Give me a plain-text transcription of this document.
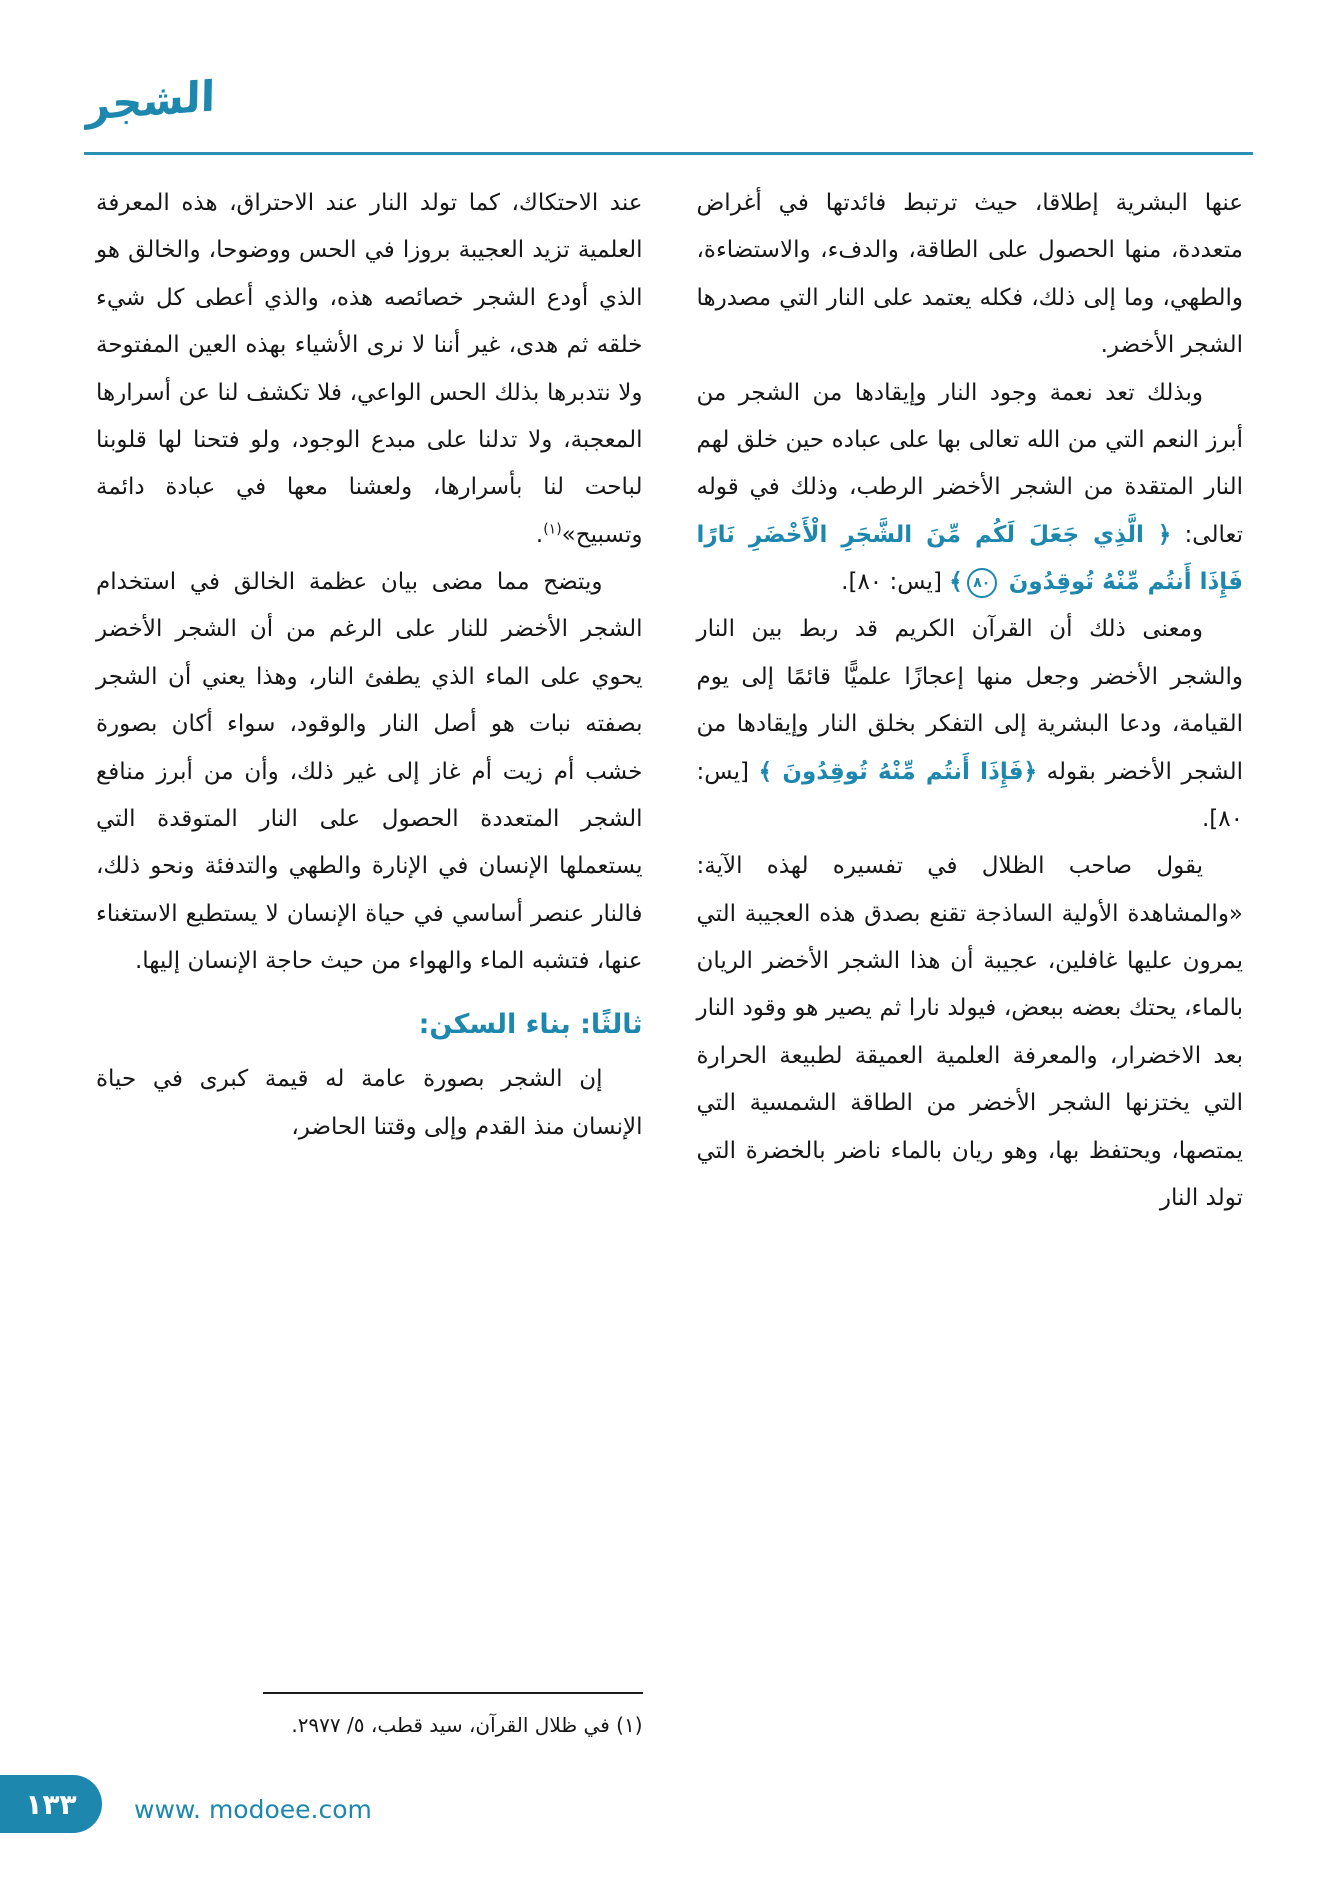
الشجر

عنها البشرية إطلاقا، حيث ترتبط فائدتها في أغراض متعددة، منها الحصول على الطاقة، والدفء، والاستضاءة، والطهي، وما إلى ذلك، فكله يعتمد على النار التي مصدرها الشجر الأخضر.

وبذلك تعد نعمة وجود النار وإيقادها من الشجر من أبرز النعم التي من الله تعالى بها على عباده حين خلق لهم النار المتقدة من الشجر الأخضر الرطب، وذلك في قوله تعالى: ﴿ الَّذِي جَعَلَ لَكُم مِّنَ الشَّجَرِ الْأَخْضَرِ نَارًا فَإِذَا أَنتُم مِّنْهُ تُوقِدُونَ ٨٠﴾ [يس: ٨٠].

ومعنى ذلك أن القرآن الكريم قد ربط بين النار والشجر الأخضر وجعل منها إعجازًا علميًّا قائمًا إلى يوم القيامة، ودعا البشرية إلى التفكر بخلق النار وإيقادها من الشجر الأخضر بقوله ﴿فَإِذَا أَنتُم مِّنْهُ تُوقِدُونَ ﴾ [يس: ٨٠].

يقول صاحب الظلال في تفسيره لهذه الآية: «والمشاهدة الأولية الساذجة تقنع بصدق هذه العجيبة التي يمرون عليها غافلين، عجيبة أن هذا الشجر الأخضر الريان بالماء، يحتك بعضه ببعض، فيولد نارا ثم يصير هو وقود النار بعد الاخضرار، والمعرفة العلمية العميقة لطبيعة الحرارة التي يختزنها الشجر الأخضر من الطاقة الشمسية التي يمتصها، ويحتفظ بها، وهو ريان بالماء ناضر بالخضرة التي تولد النار

عند الاحتكاك، كما تولد النار عند الاحتراق، هذه المعرفة العلمية تزيد العجيبة بروزا في الحس ووضوحا، والخالق هو الذي أودع الشجر خصائصه هذه، والذي أعطى كل شيء خلقه ثم هدى، غير أننا لا نرى الأشياء بهذه العين المفتوحة ولا نتدبرها بذلك الحس الواعي، فلا تكشف لنا عن أسرارها المعجبة، ولا تدلنا على مبدع الوجود، ولو فتحنا لها قلوبنا لباحت لنا بأسرارها، ولعشنا معها في عبادة دائمة وتسبيح»$^{(١)}$.

ويتضح مما مضى بيان عظمة الخالق في استخدام الشجر الأخضر للنار على الرغم من أن الشجر الأخضر يحوي على الماء الذي يطفئ النار، وهذا يعني أن الشجر بصفته نبات هو أصل النار والوقود، سواء أكان بصورة خشب أم زيت أم غاز إلى غير ذلك، وأن من أبرز منافع الشجر المتعددة الحصول على النار المتوقدة التي يستعملها الإنسان في الإنارة والطهي والتدفئة ونحو ذلك، فالنار عنصر أساسي في حياة الإنسان لا يستطيع الاستغناء عنها، فتشبه الماء والهواء من حيث حاجة الإنسان إليها.

ثالثًا: بناء السكن:

إن الشجر بصورة عامة له قيمة كبرى في حياة الإنسان منذ القدم وإلى وقتنا الحاضر،

(١) في ظلال القرآن، سيد قطب، ٥/ ٢٩٧٧.

١٣٣ www. modoee.com
